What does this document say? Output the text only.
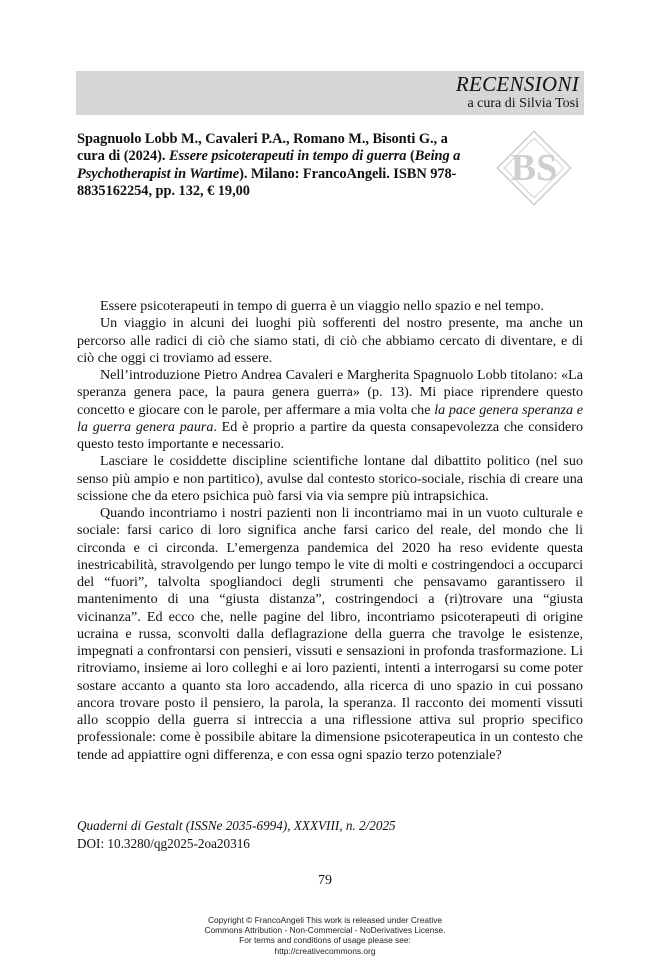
RECENSIONI
a cura di Silvia Tosi
Spagnuolo Lobb M., Cavaleri P.A., Romano M., Bisonti G., a cura di (2024). Essere psicoterapeuti in tempo di guerra (Being a Psychotherapist in Wartime). Milano: FrancoAngeli. ISBN 978-8835162254, pp. 132, € 19,00
BS

Essere psicoterapeuti in tempo di guerra è un viaggio nello spazio e nel tempo.

Un viaggio in alcuni dei luoghi più sofferenti del nostro presente, ma anche un percorso alle radici di ciò che siamo stati, di ciò che abbiamo cercato di diventare, e di ciò che oggi ci troviamo ad essere.

Nell’introduzione Pietro Andrea Cavaleri e Margherita Spagnuolo Lobb titolano: «La speranza genera pace, la paura genera guerra» (p. 13). Mi piace riprendere questo concetto e giocare con le parole, per affermare a mia volta che la pace genera speranza e la guerra genera paura. Ed è proprio a partire da questa consapevolezza che considero questo testo importante e necessario.

Lasciare le cosiddette discipline scientifiche lontane dal dibattito politico (nel suo senso più ampio e non partitico), avulse dal contesto storico-sociale, rischia di creare una scissione che da etero psichica può farsi via via sempre più intrapsichica.

Quando incontriamo i nostri pazienti non li incontriamo mai in un vuoto culturale e sociale: farsi carico di loro significa anche farsi carico del reale, del mondo che li circonda e ci circonda. L’emergenza pandemica del 2020 ha reso evidente questa inestricabilità, stravolgendo per lungo tempo le vite di molti e costringendoci a occuparci del “fuori”, talvolta spogliandoci degli strumenti che pensavamo garantissero il mantenimento di una “giusta distanza”, costringendoci a (ri)trovare una “giusta vicinanza”. Ed ecco che, nelle pagine del libro, incontriamo psicoterapeuti di origine ucraina e russa, sconvolti dalla deflagrazione della guerra che travolge le esistenze, impegnati a confrontarsi con pensieri, vissuti e sensazioni in profonda trasformazione. Li ritroviamo, insieme ai loro colleghi e ai loro pazienti, intenti a interrogarsi su come poter sostare accanto a quanto sta loro accadendo, alla ricerca di uno spazio in cui possano ancora trovare posto il pensiero, la parola, la speranza. Il racconto dei momenti vissuti allo scoppio della guerra si intreccia a una riflessione attiva sul proprio specifico professionale: come è possibile abitare la dimensione psicoterapeutica in un contesto che tende ad appiattire ogni differenza, e con essa ogni spazio terzo potenziale?

Quaderni di Gestalt (ISSNe 2035-6994), XXXVIII, n. 2/2025
DOI: 10.3280/qg2025-2oa20316
79
Copyright © FrancoAngeli This work is released under Creative
Commons Attribution - Non-Commercial - NoDerivatives License.
For terms and conditions of usage please see:
http://creativecommons.org
